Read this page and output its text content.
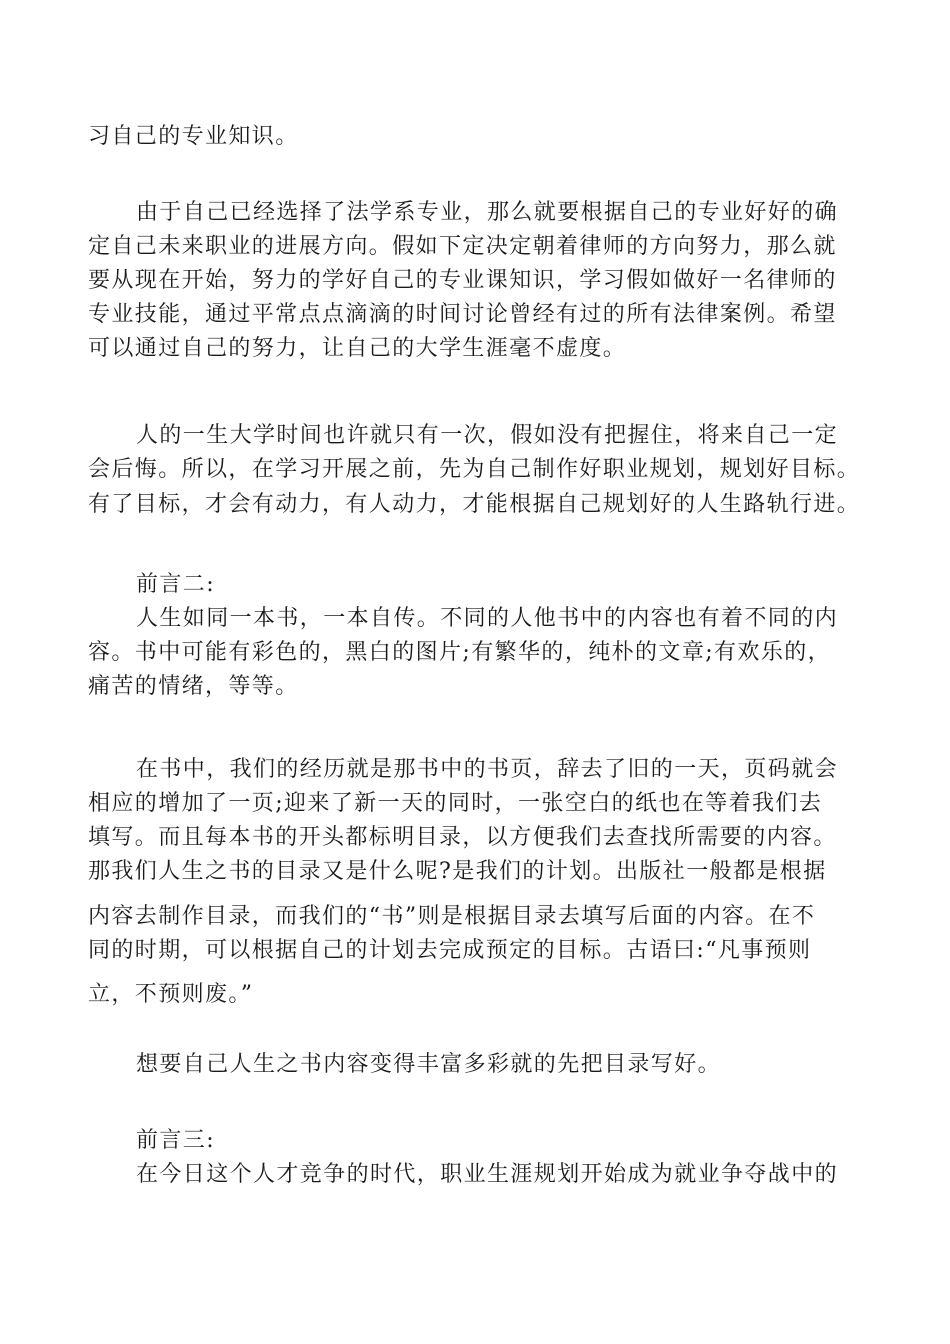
习自己的专业知识。
由于自己已经选择了法学系专业，那么就要根据自己的专业好好的确
定自己未来职业的进展方向。假如下定决定朝着律师的方向努力，那么就
要从现在开始，努力的学好自己的专业课知识，学习假如做好一名律师的
专业技能，通过平常点点滴滴的时间讨论曾经有过的所有法律案例。希望
可以通过自己的努力，让自己的大学生涯毫不虚度。
人的一生大学时间也许就只有一次，假如没有把握住，将来自己一定
会后悔。所以，在学习开展之前，先为自己制作好职业规划，规划好目标。
有了目标，才会有动力，有人动力，才能根据自己规划好的人生路轨行进。
前言二:
人生如同一本书，一本自传。不同的人他书中的内容也有着不同的内
容。书中可能有彩色的，黑白的图片;有繁华的，纯朴的文章;有欢乐的，
痛苦的情绪，等等。
在书中，我们的经历就是那书中的书页，辞去了旧的一天，页码就会
相应的增加了一页;迎来了新一天的同时，一张空白的纸也在等着我们去
填写。而且每本书的开头都标明目录，以方便我们去查找所需要的内容。
那我们人生之书的目录又是什么呢?是我们的计划。出版社一般都是根据
内容去制作目录，而我们的“书”则是根据目录去填写后面的内容。在不
同的时期，可以根据自己的计划去完成预定的目标。古语曰:“凡事预则
立，不预则废。”
想要自己人生之书内容变得丰富多彩就的先把目录写好。
前言三:
在今日这个人才竞争的时代，职业生涯规划开始成为就业争夺战中的
